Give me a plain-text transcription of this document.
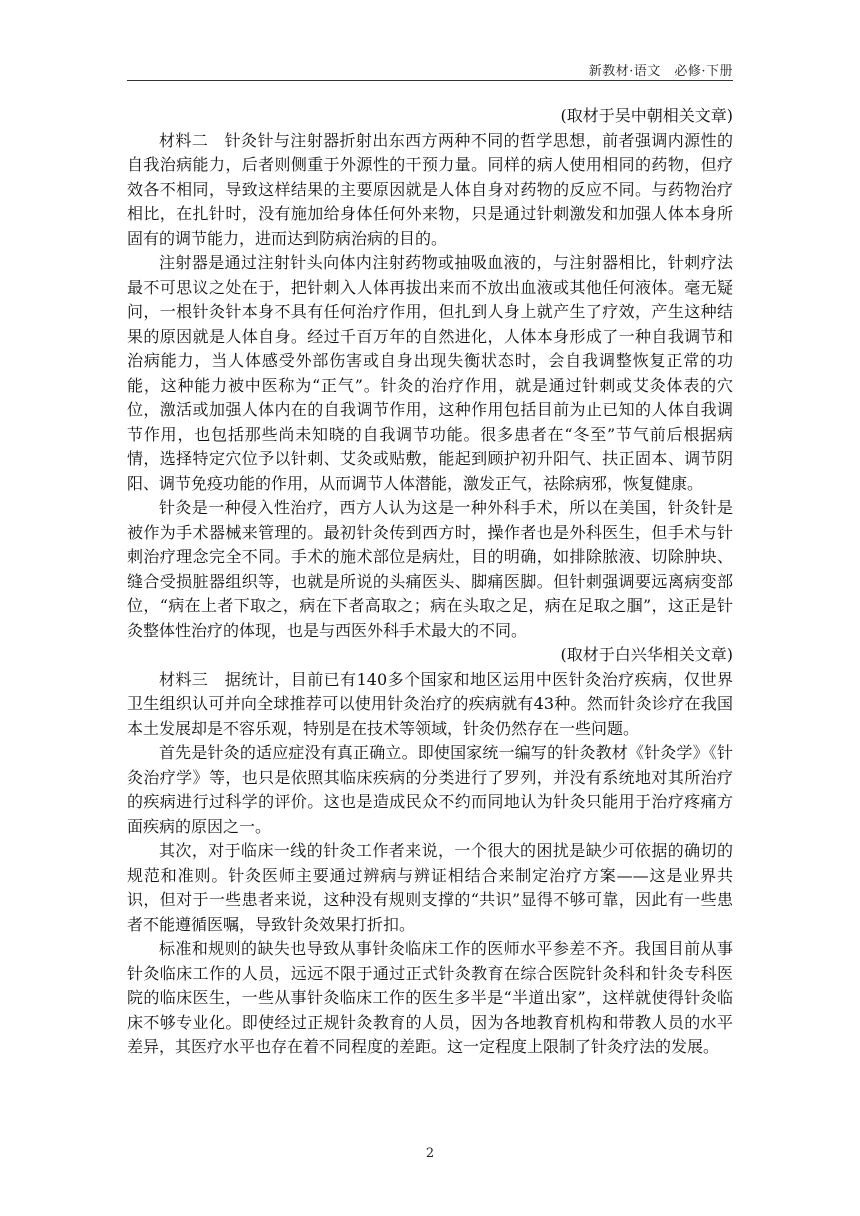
新教材·语文　必修·下册

(取材于吴中朝相关文章)

材料二　针灸针与注射器折射出东西方两种不同的哲学思想，前者强调内源性的自我治病能力，后者则侧重于外源性的干预力量。同样的病人使用相同的药物，但疗效各不相同，导致这样结果的主要原因就是人体自身对药物的反应不同。与药物治疗相比，在扎针时，没有施加给身体任何外来物，只是通过针刺激发和加强人体本身所固有的调节能力，进而达到防病治病的目的。

注射器是通过注射针头向体内注射药物或抽吸血液的，与注射器相比，针刺疗法最不可思议之处在于，把针刺入人体再拔出来而不放出血液或其他任何液体。毫无疑问，一根针灸针本身不具有任何治疗作用，但扎到人身上就产生了疗效，产生这种结果的原因就是人体自身。经过千百万年的自然进化，人体本身形成了一种自我调节和治病能力，当人体感受外部伤害或自身出现失衡状态时，会自我调整恢复正常的功能，这种能力被中医称为“正气”。针灸的治疗作用，就是通过针刺或艾灸体表的穴位，激活或加强人体内在的自我调节作用，这种作用包括目前为止已知的人体自我调节作用，也包括那些尚未知晓的自我调节功能。很多患者在“冬至”节气前后根据病情，选择特定穴位予以针刺、艾灸或贴敷，能起到顾护初升阳气、扶正固本、调节阴阳、调节免疫功能的作用，从而调节人体潜能，激发正气，祛除病邪，恢复健康。

针灸是一种侵入性治疗，西方人认为这是一种外科手术，所以在美国，针灸针是被作为手术器械来管理的。最初针灸传到西方时，操作者也是外科医生，但手术与针刺治疗理念完全不同。手术的施术部位是病灶，目的明确，如排除脓液、切除肿块、缝合受损脏器组织等，也就是所说的头痛医头、脚痛医脚。但针刺强调要远离病变部位，“病在上者下取之，病在下者高取之；病在头取之足，病在足取之腘”，这正是针灸整体性治疗的体现，也是与西医外科手术最大的不同。

(取材于白兴华相关文章)

材料三　据统计，目前已有140多个国家和地区运用中医针灸治疗疾病，仅世界卫生组织认可并向全球推荐可以使用针灸治疗的疾病就有43种。然而针灸诊疗在我国本土发展却是不容乐观，特别是在技术等领域，针灸仍然存在一些问题。

首先是针灸的适应症没有真正确立。即使国家统一编写的针灸教材《针灸学》《针灸治疗学》等，也只是依照其临床疾病的分类进行了罗列，并没有系统地对其所治疗的疾病进行过科学的评价。这也是造成民众不约而同地认为针灸只能用于治疗疼痛方面疾病的原因之一。

其次，对于临床一线的针灸工作者来说，一个很大的困扰是缺少可依据的确切的规范和准则。针灸医师主要通过辨病与辨证相结合来制定治疗方案——这是业界共识，但对于一些患者来说，这种没有规则支撑的“共识”显得不够可靠，因此有一些患者不能遵循医嘱，导致针灸效果打折扣。

标准和规则的缺失也导致从事针灸临床工作的医师水平参差不齐。我国目前从事针灸临床工作的人员，远远不限于通过正式针灸教育在综合医院针灸科和针灸专科医院的临床医生，一些从事针灸临床工作的医生多半是“半道出家”，这样就使得针灸临床不够专业化。即使经过正规针灸教育的人员，因为各地教育机构和带教人员的水平差异，其医疗水平也存在着不同程度的差距。这一定程度上限制了针灸疗法的发展。

2
